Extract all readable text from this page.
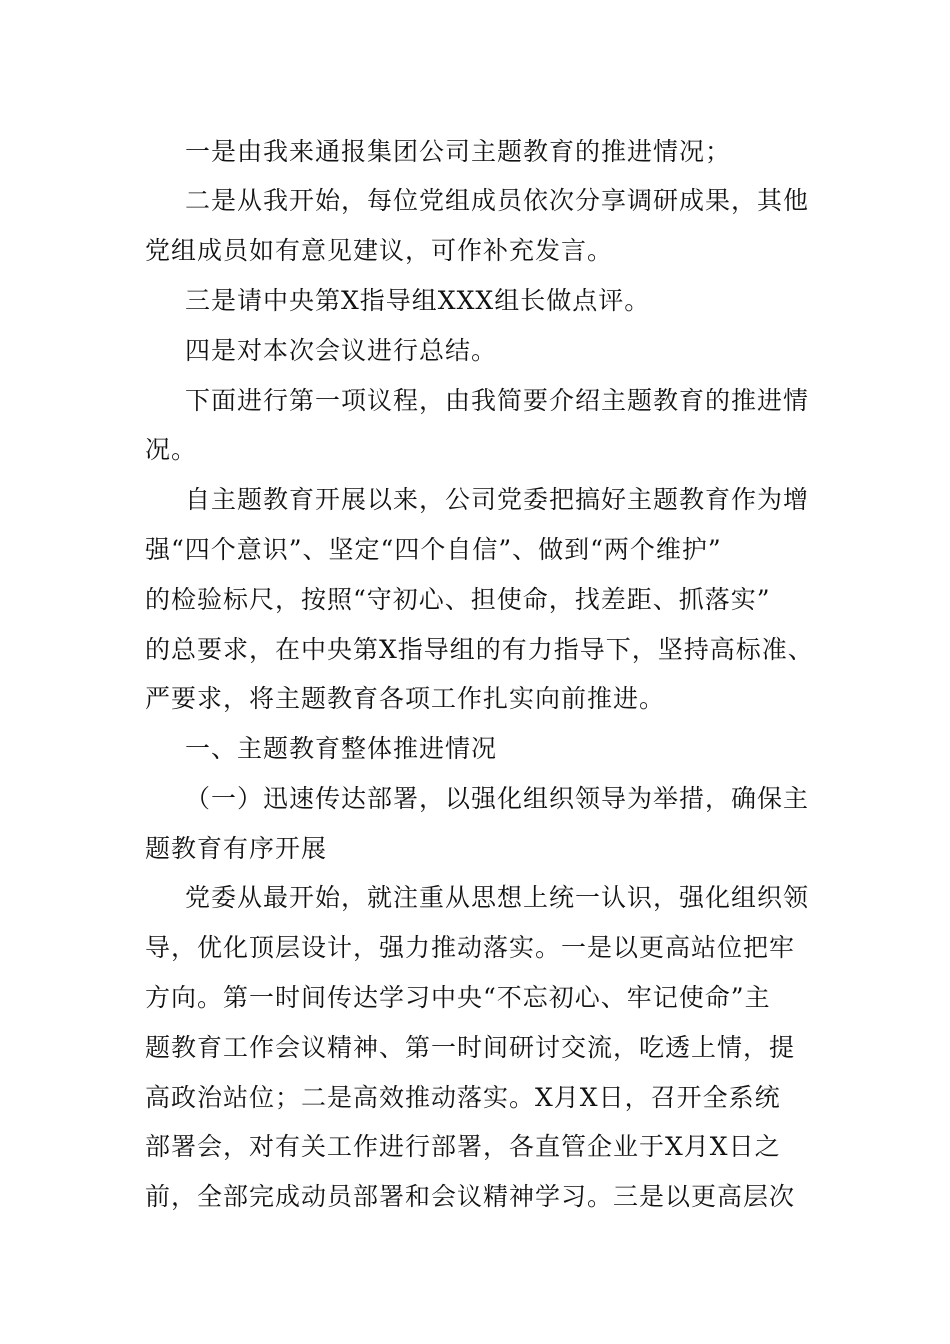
一是由我来通报集团公司主题教育的推进情况；
二是从我开始，每位党组成员依次分享调研成果，其他
党组成员如有意见建议，可作补充发言。
三是请中央第X指导组XXX组长做点评。
四是对本次会议进行总结。
下面进行第一项议程，由我简要介绍主题教育的推进情
况。
自主题教育开展以来，公司党委把搞好主题教育作为增
强“四个意识”、坚定“四个自信”、做到“两个维护”
的检验标尺，按照“守初心、担使命，找差距、抓落实”
的总要求，在中央第X指导组的有力指导下，坚持高标准、
严要求，将主题教育各项工作扎实向前推进。
一、主题教育整体推进情况
（一）迅速传达部署，以强化组织领导为举措，确保主
题教育有序开展
党委从最开始，就注重从思想上统一认识，强化组织领
导，优化顶层设计，强力推动落实。一是以更高站位把牢
方向。第一时间传达学习中央“不忘初心、牢记使命”主
题教育工作会议精神、第一时间研讨交流，吃透上情，提
高政治站位；二是高效推动落实。X月X日，召开全系统
部署会，对有关工作进行部署，各直管企业于X月X日之
前，全部完成动员部署和会议精神学习。三是以更高层次
